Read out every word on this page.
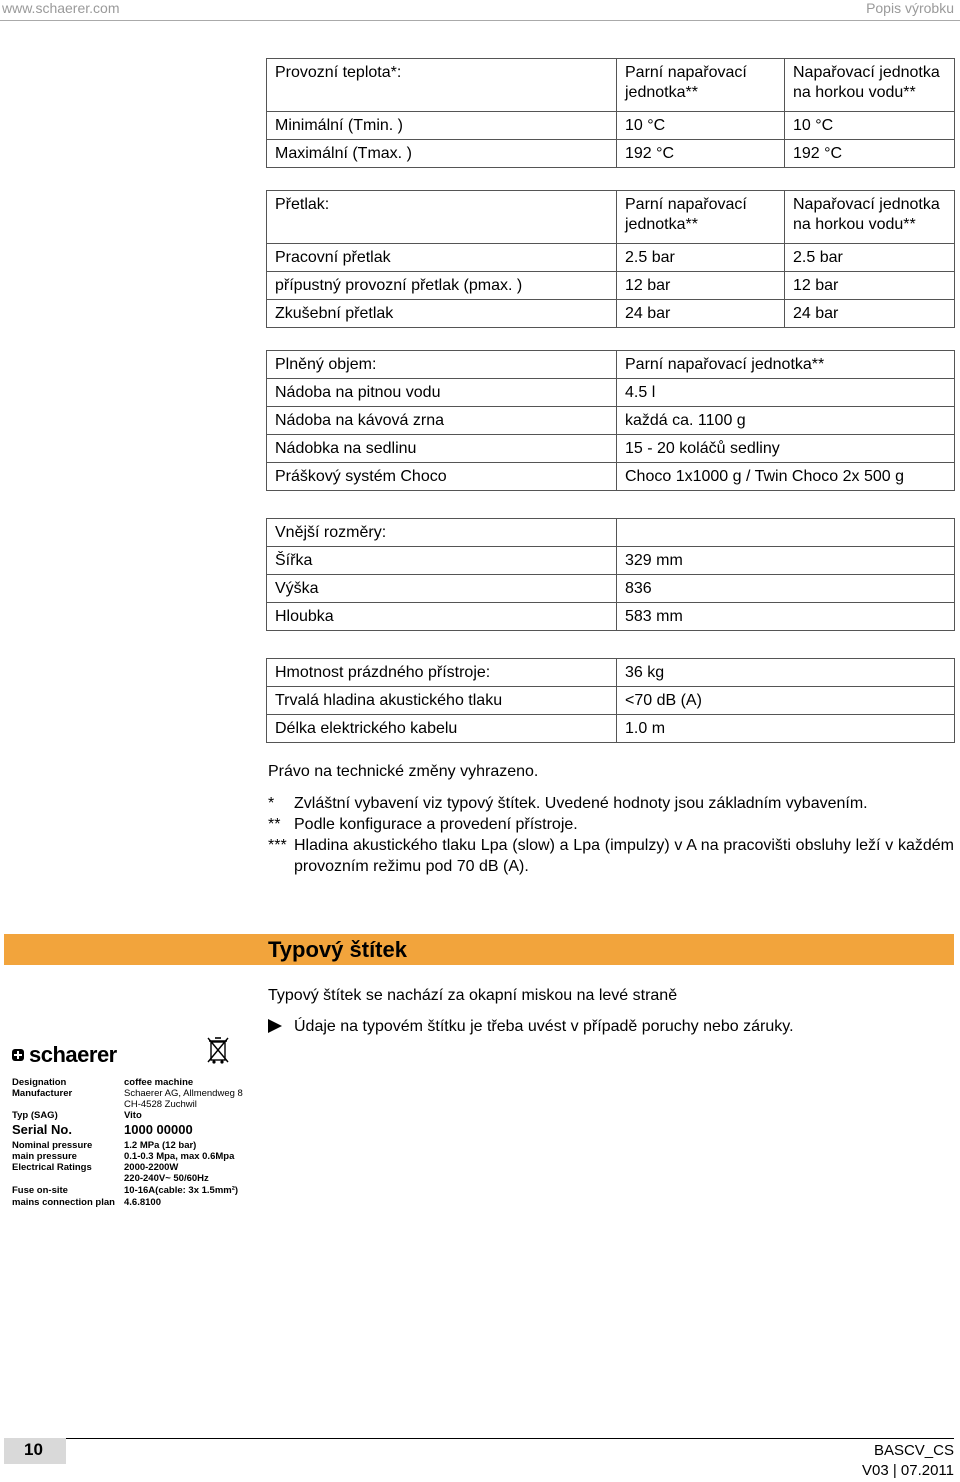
www.schaerer.com	Popis výrobku
Provozní teplota*:	Parní napařovací jednotka**	Napařovací jednotka na horkou vodu**
Minimální (Tmin. )	10 °C	10 °C
Maximální (Tmax. )	192 °C	192 °C
Přetlak:	Parní napařovací jednotka**	Napařovací jednotka na horkou vodu**
Pracovní přetlak	2.5 bar	2.5 bar
přípustný provozní přetlak (pmax. )	12 bar	12 bar
Zkušební přetlak	24 bar	24 bar
Plněný objem:	Parní napařovací jednotka**
Nádoba na pitnou vodu	4.5 l
Nádoba na kávová zrna	každá ca. 1100 g
Nádobka na sedlinu	15 - 20 koláčů sedliny
Práškový systém Choco	Choco 1x1000 g / Twin Choco 2x 500 g
Vnější rozměry:	
Šířka	329 mm
Výška	836
Hloubka	583 mm
Hmotnost prázdného přístroje:	36 kg
Trvalá hladina akustického tlaku	<70 dB (A)
Délka elektrického kabelu	1.0 m
Právo na technické změny vyhrazeno.
* Zvláštní vybavení viz typový štítek. Uvedené hodnoty jsou základním vybavením.
** Podle konfigurace a provedení přístroje.
*** Hladina akustického tlaku Lpa (slow) a Lpa (impulzy) v A na pracovišti obsluhy leží v každém provozním režimu pod 70 dB (A).
Typový štítek
Typový štítek se nachází za okapní miskou na levé straně
Údaje na typovém štítku je třeba uvést v případě poruchy nebo záruky.
schaerer
Designation	coffee machine
Manufacturer	Schaerer AG, Allmendweg 8
CH-4528 Zuchwil
Typ (SAG)	Vito
Serial No.	1000 00000
Nominal pressure	1.2 MPa (12 bar)
main pressure	0.1-0.3 Mpa, max 0.6Mpa
Electrical Ratings	2000-2200W
220-240V~ 50/60Hz
Fuse on-site	10-16A(cable: 3x 1.5mm²)
mains connection plan 4.6.8100
10	BASCV_CS
V03 | 07.2011
